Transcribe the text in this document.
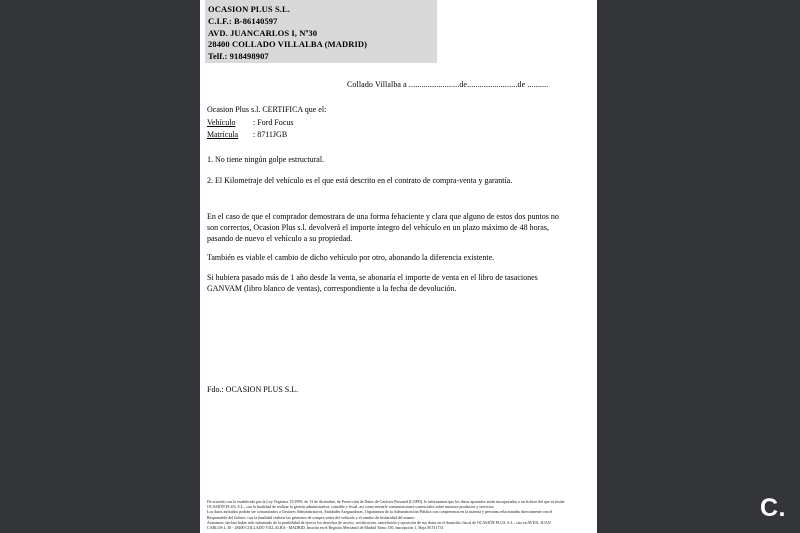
OCASION PLUS S.L.
C.I.F.: B-86140597
AVD. JUANCARLOS I, Nº30
28400 COLLADO VILLALBA (MADRID)
Telf.: 918498907
Collado Villalba a ........................de........................de ..........
Ocasion Plus s.l. CERTIFICA que el:
Vehículo : Ford Focus
Matrícula : 8711JGB
1. No tiene ningún golpe estructural.
2. El Kilometraje del vehículo es el que está descrito en el contrato de compra-venta y garantía.
En el caso de que el comprador demostrara de una forma fehaciente y clara que alguno de estos dos puntos no
son correctos, Ocasion Plus s.l. devolverá el importe íntegro del vehículo en un plazo máximo de 48 horas,
pasando de nuevo el vehículo a su propiedad.
También es viable el cambio de dicho vehículo por otro, abonando la diferencia existente.
Si hubiera pasado más de 1 año desde la venta, se abonaría el importe de venta en el libro de tasaciones
GANVAM (libro blanco de ventas), correspondiente a la fecha de devolución.
Fdo.: OCASION PLUS S.L.
De acuerdo con lo establecido por la Ley Orgánica 15/1999, de 13 de diciembre, de Protección de Datos de Carácter Personal (LOPD), le informamos que los datos aportados serán incorporados a un fichero del que es titular
OCASIÓN PLUS, S.L., con la finalidad de realizar la gestión administrativa, contable y fiscal, así como enviarle comunicaciones comerciales sobre nuestros productos y servicios.
Los datos incluidos podrán ser comunicados a Gestores Administrativos, Entidades Aseguradoras, Organismos de la Administración Pública con competencia en la materia y personas relacionadas directamente con el
Responsable del fichero, con la finalidad realizar las gestiones de compra venta del vehículo y el cambio de titularidad del mismo.
Asimismo, declara haber sido informado de la posibilidad de ejercer los derechos de acceso, rectificación, cancelación y oposición de sus datos en el domicilio fiscal de OCASIÓN PLUS, S.L., sito en AVDA. JUAN
CARLOS I, 30 - 28400 COLLADO VILLALBA - MADRID. Inscrita en el Registro Mercantil de Madrid Tomo 150, Inscripción 1, Hoja M 511731
C.
